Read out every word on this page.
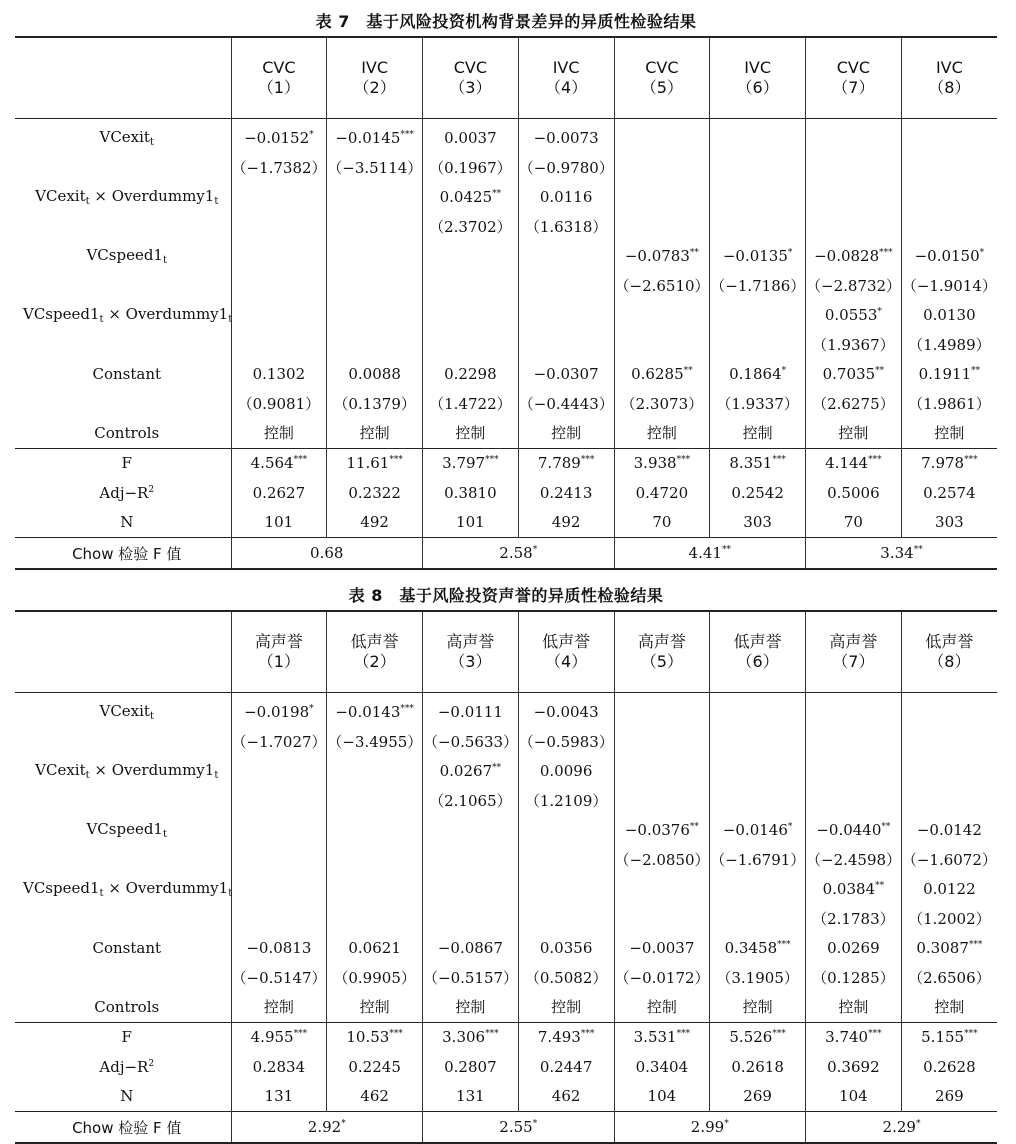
表 7　基于风险投资机构背景差异的异质性检验结果
	CVC	IVC	CVC	IVC	CVC	IVC	CVC	IVC
	（1）	（2）	（3）	（4）	（5）	（6）	（7）	（8）
VCexit$_t$	−0.0152*	−0.0145***	0.0037	−0.0073				
	（−1.7382）	（−3.5114）	（0.1967）	（−0.9780）				
VCexit$_t$ × $Overdummy1_t$			0.0425**	0.0116				
			（2.3702）	（1.6318）				
$VCspeed1_t$					−0.0783**	−0.0135*	−0.0828***	−0.0150*
					（−2.6510）	（−1.7186）	（−2.8732）	（−1.9014）
$VCspeed1_t$ × $Overdummy1_t$							0.0553*	0.0130
							（1.9367）	（1.4989）
Constant	0.1302	0.0088	0.2298	−0.0307	0.6285**	0.1864*	0.7035**	0.1911**
	（0.9081）	（0.1379）	（1.4722）	（−0.4443）	（2.3073）	（1.9337）	（2.6275）	（1.9861）
Controls	控制	控制	控制	控制	控制	控制	控制	控制
F	4.564***	11.61***	3.797***	7.789***	3.938***	8.351***	4.144***	7.978***
$Adj-R^2$	0.2627	0.2322	0.3810	0.2413	0.4720	0.2542	0.5006	0.2574
N	101	492	101	492	70	303	70	303
Chow 检验 F 值	0.68		2.58*		4.41**		3.34**
表 8　基于风险投资声誉的异质性检验结果
	高声誉	低声誉	高声誉	低声誉	高声誉	低声誉	高声誉	低声誉
	（1）	（2）	（3）	（4）	（5）	（6）	（7）	（8）
VCexit$_t$	−0.0198*	−0.0143***	−0.0111	−0.0043				
	（−1.7027）	（−3.4955）	（−0.5633）	（−0.5983）				
VCexit$_t$ × $Overdummy1_t$			0.0267**	0.0096				
			（2.1065）	（1.2109）				
$VCspeed1_t$					−0.0376**	−0.0146*	−0.0440**	−0.0142
					（−2.0850）	（−1.6791）	（−2.4598）	（−1.6072）
$VCspeed1_t$ × $Overdummy1_t$							0.0384**	0.0122
							（2.1783）	（1.2002）
Constant	−0.0813	0.0621	−0.0867	0.0356	−0.0037	0.3458***	0.0269	0.3087***
	（−0.5147）	（0.9905）	（−0.5157）	（0.5082）	（−0.0172）	（3.1905）	（0.1285）	（2.6506）
Controls	控制	控制	控制	控制	控制	控制	控制	控制
F	4.955***	10.53***	3.306***	7.493***	3.531***	5.526***	3.740***	5.155***
$Adj-R^2$	0.2834	0.2245	0.2807	0.2447	0.3404	0.2618	0.3692	0.2628
N	131	462	131	462	104	269	104	269
Chow 检验 F 值	2.92*		2.55*		2.99*		2.29*
